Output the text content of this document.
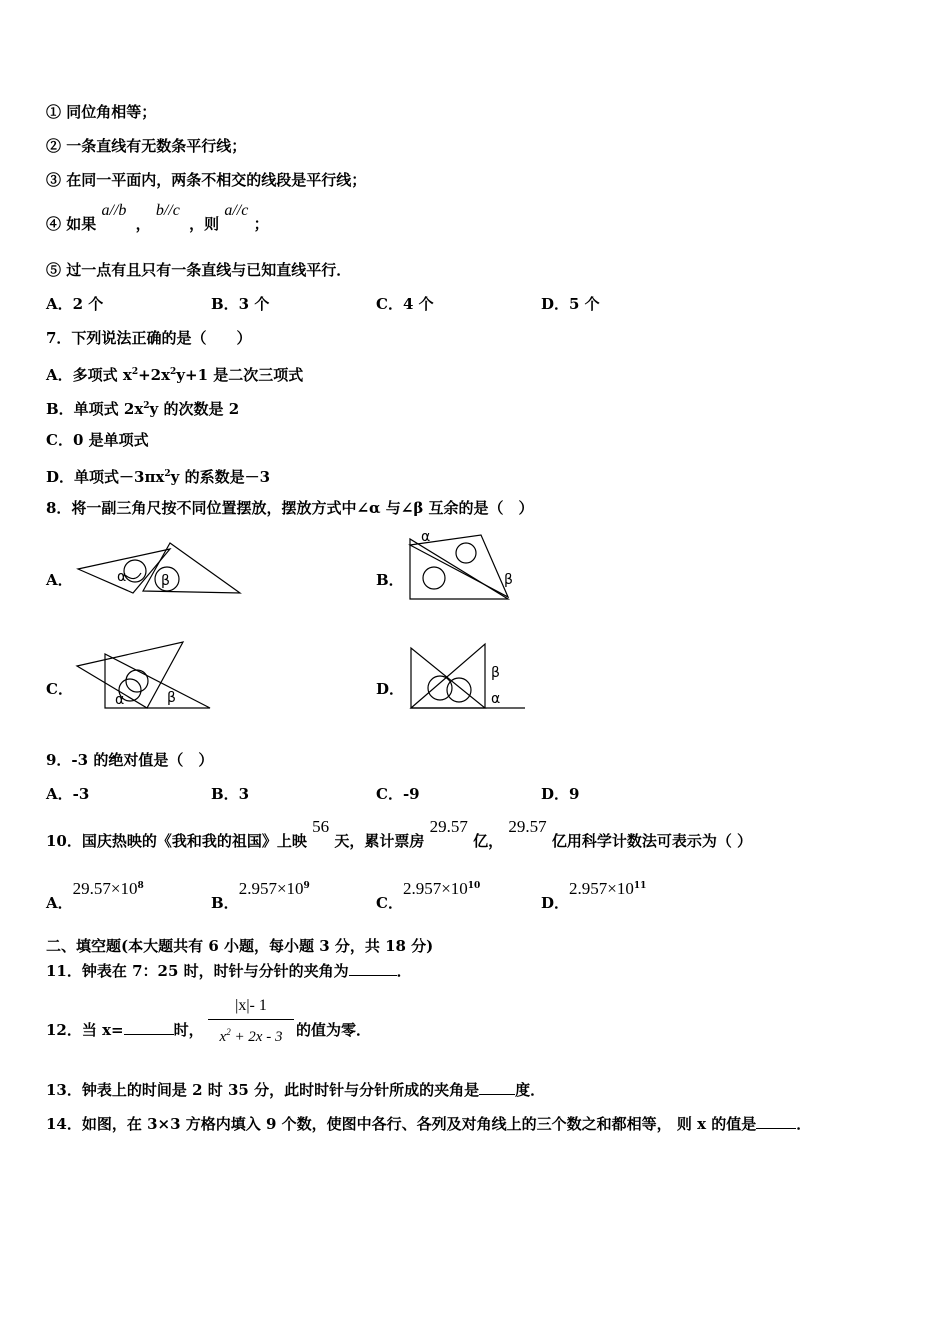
① 同位角相等；
② 一条直线有无数条平行线；
③ 在同一平面内，两条不相交的线段是平行线；
④ 如果 a//b ， b//c ，则 a//c ；
⑤ 过一点有且只有一条直线与已知直线平行．
A．2 个	B．3 个	C．4 个	D．5 个
7．下列说法正确的是（　　）
A．多项式 $x^2+2x^2y+1$ 是二次三项式
B．单项式 $2x^2y$ 的次数是 2
C．0 是单项式
D．单项式$-3\pi x^2y$ 的系数是－3
8．将一副三角尺按不同位置摆放，摆放方式中∠α 与∠β 互余的是（　）
A．	α β	B．
α
β
C．
α	β	D．
β
α
9．-3 的绝对值是（　）
A．-3	B．3	C．-9	D．9
10．国庆热映的《我和我的祖国》上映 56 天，累计票房 29.57 亿， 29.57 亿用科学计数法可表示为（ ）
A．$29.57\times 10^8$
B．$2.957\times 10^9$
C．$2.957\times 10^{10}$
D．$2.957\times 10^{11}$
二、填空题(本大题共有 6 小题，每小题 3 分，共 18 分)
11．钟表在 7：25 时，时针与分针的夹角为	．
12．当 x=	时，
|x|- 1
$x^2 + 2x - 3$ 的值为零．
13．钟表上的时间是 2 时 35 分，此时时针与分针所成的夹角是 度．
14．如图，在 3×3 方格内填入 9 个数，使图中各行、各列及对角线上的三个数之和都相等， 则 x 的值是	．
